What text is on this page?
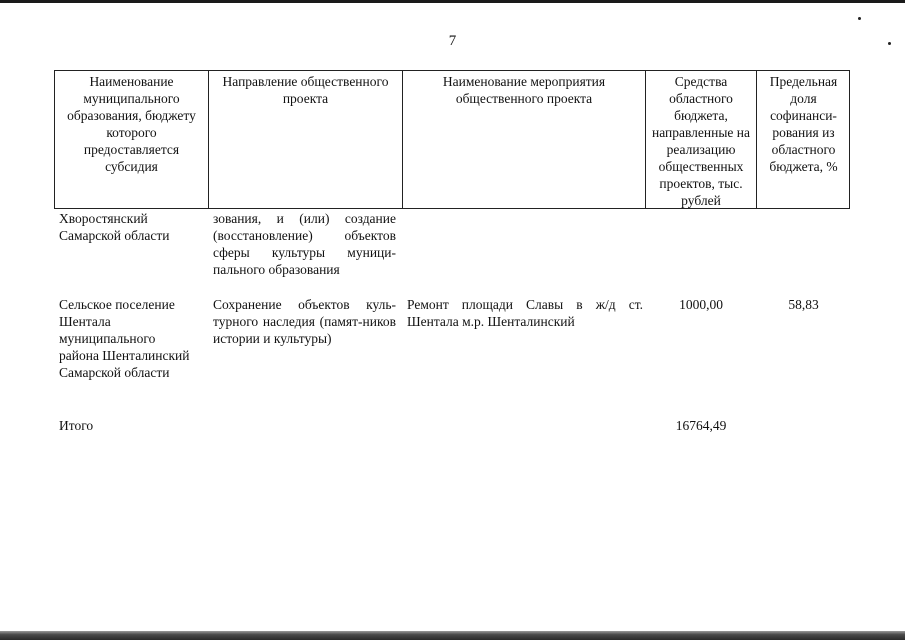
7
Наименование муниципального образования, бюджету которого предоставляется субсидия
Направление общественного проекта
Наименование мероприятия общественного проекта
Средства областного бюджета, направленные на реализацию общественных проектов, тыс. рублей
Предельная доля софинанси-рования из областного бюджета, %
Хворостянский Самарской области
зования, и (или) создание (восстановление) объектов сферы культуры муници-пального образования
Сельское поселение Шентала муниципального района Шенталинский Самарской области
Сохранение объектов куль-турного наследия (памят-ников истории и культуры)
Ремонт площади Славы в ж/д ст. Шентала м.р. Шенталинский
1000,00	58,83
Итого	16764,49
